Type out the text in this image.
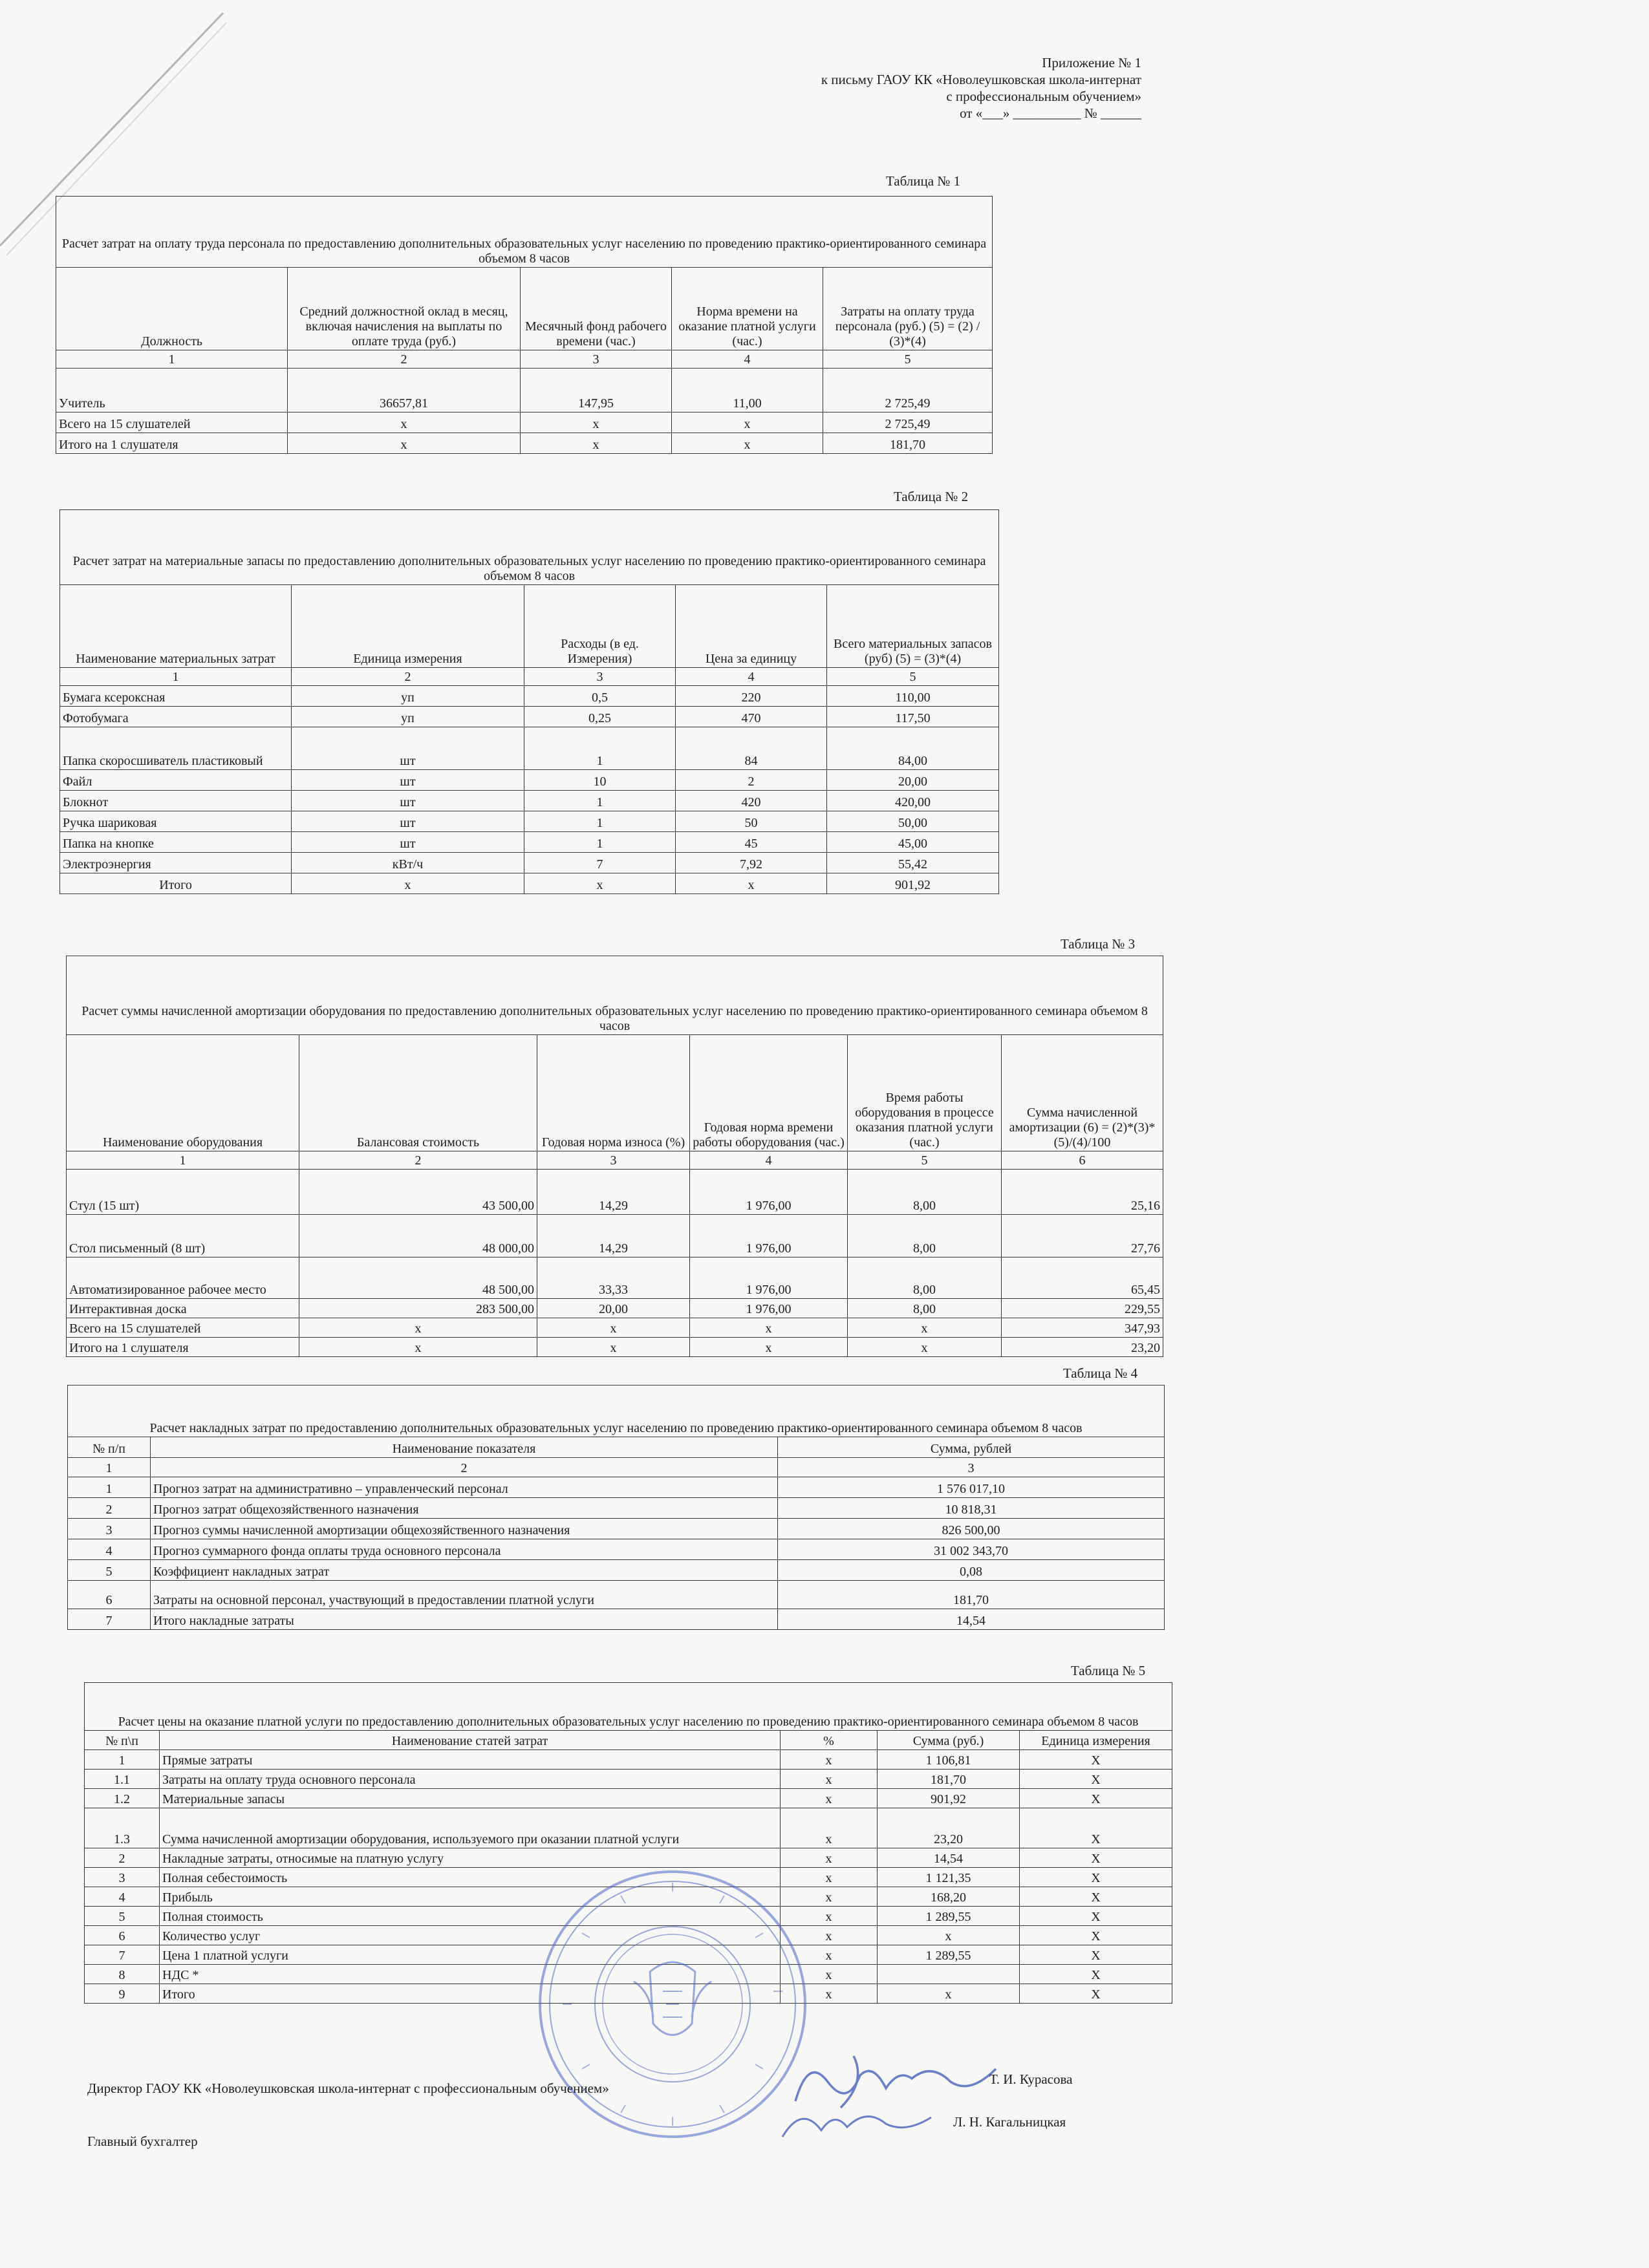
Приложение № 1
к письму ГАОУ КК «Новолеушковская школа-интернат
с профессиональным обучением»
от «___» __________ № ______
Таблица № 1
Расчет затрат на оплату труда персонала по предоставлению дополнительных образовательных услуг населению по проведению практико-ориентированного семинара объемом 8 часов				
Должность	Средний должностной оклад в месяц, включая начисления на выплаты по оплате труда (руб.)	Месячный фонд рабочего времени (час.)	Норма времени на оказание платной услуги (час.)	Затраты на оплату труда персонала (руб.) (5) = (2) / (3)*(4)
1	2	3	4	5
Учитель	36657,81	147,95	11,00	2 725,49
Всего на 15 слушателей	х	х	х	2 725,49
Итого на 1 слушателя	х	х	х	181,70
Таблица № 2
Расчет затрат на материальные запасы по предоставлению дополнительных образовательных услуг населению по проведению практико-ориентированного семинара объемом 8 часов				
Наименование материальных затрат	Единица измерения	Расходы (в ед. Измерения)	Цена за единицу	Всего материальных запасов (руб) (5) = (3)*(4)
1	2	3	4	5
Бумага ксероксная	уп	0,5	220	110,00
Фотобумага	уп	0,25	470	117,50
Папка скоросшиватель пластиковый	шт	1	84	84,00
Файл	шт	10	2	20,00
Блокнот	шт	1	420	420,00
Ручка шариковая	шт	1	50	50,00
Папка на кнопке	шт	1	45	45,00
Электроэнергия	кВт/ч	7	7,92	55,42
Итого	х	х	х	901,92
Таблица № 3
Расчет суммы начисленной амортизации оборудования по предоставлению дополнительных образовательных услуг населению по проведению практико-ориентированного семинара объемом 8 часов					
Наименование оборудования	Балансовая стоимость	Годовая норма износа (%)	Годовая норма времени работы оборудования (час.)	Время работы оборудования в процессе оказания платной услуги (час.)	Сумма начисленной амортизации (6) = (2)*(3)*(5)/(4)/100
1	2	3	4	5	6
Стул (15 шт)	43 500,00	14,29	1 976,00	8,00	25,16
Стол письменный (8 шт)	48 000,00	14,29	1 976,00	8,00	27,76
Автоматизированное рабочее место	48 500,00	33,33	1 976,00	8,00	65,45
Интерактивная доска	283 500,00	20,00	1 976,00	8,00	229,55
Всего на 15 слушателей	х	х	х	х	347,93
Итого на 1 слушателя	х	х	х	х	23,20
Таблица № 4
Расчет накладных затрат по предоставлению дополнительных образовательных услуг населению по проведению практико-ориентированного семинара объемом 8 часов		
№ п/п	Наименование показателя	Сумма, рублей
1	2	3
1	Прогноз затрат на административно – управленческий персонал	1 576 017,10
2	Прогноз затрат общехозяйственного назначения	10 818,31
3	Прогноз суммы начисленной амортизации общехозяйственного назначения	826 500,00
4	Прогноз суммарного фонда оплаты труда основного персонала	31 002 343,70
5	Коэффициент накладных затрат	0,08
6	Затраты на основной персонал, участвующий в предоставлении платной услуги	181,70
7	Итого накладные затраты	14,54
Таблица № 5
Расчет цены на оказание платной услуги по предоставлению дополнительных образовательных услуг населению по проведению практико-ориентированного семинара объемом 8 часов				
№ п\п	Наименование статей затрат	%	Сумма (руб.)	Единица измерения
1	Прямые затраты	х	1 106,81	Х
1.1	Затраты на оплату труда основного персонала	х	181,70	Х
1.2	Материальные запасы	х	901,92	Х
1.3	Сумма начисленной амортизации оборудования, используемого при оказании платной услуги	х	23,20	Х
2	Накладные затраты, относимые на платную услугу	х	14,54	Х
3	Полная себестоимость	х	1 121,35	Х
4	Прибыль	х	168,20	Х
5	Полная стоимость	х	1 289,55	Х
6	Количество услуг	х	х	Х
7	Цена 1 платной услуги	х	1 289,55	Х
8	НДС *	х		Х
9	Итого	х	х	Х
Директор ГАОУ КК «Новолеушковская школа-интернат с профессиональным обучением»
Т. И. Курасова
Главный бухгалтер
Л. Н. Кагальницкая
